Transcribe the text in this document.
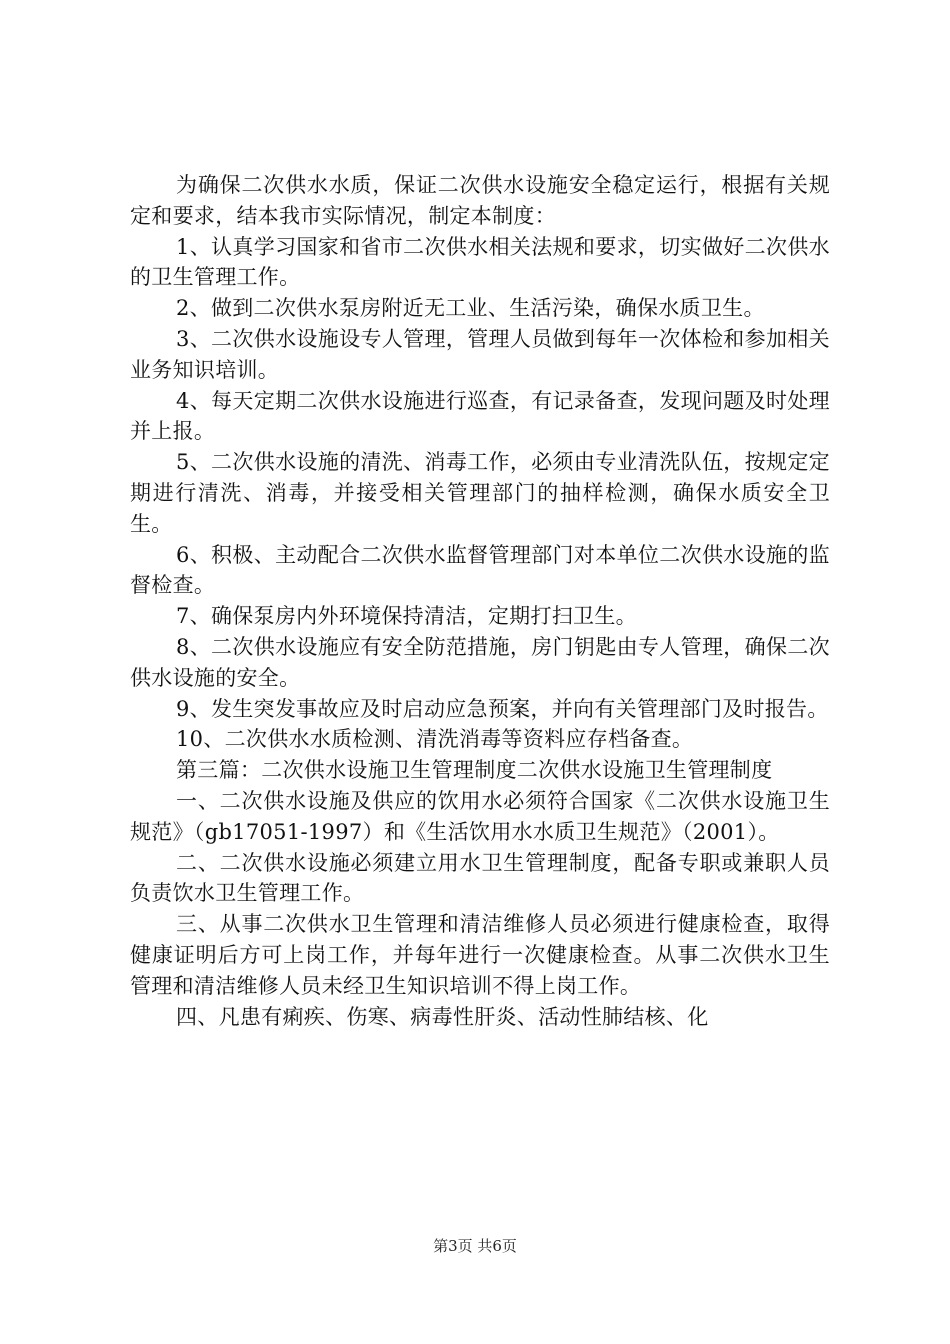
为确保二次供水水质，保证二次供水设施安全稳定运行，根据有关规定和要求，结本我市实际情况，制定本制度：

1、认真学习国家和省市二次供水相关法规和要求，切实做好二次供水的卫生管理工作。

2、做到二次供水泵房附近无工业、生活污染，确保水质卫生。

3、二次供水设施设专人管理，管理人员做到每年一次体检和参加相关业务知识培训。

4、每天定期二次供水设施进行巡查，有记录备查，发现问题及时处理并上报。

5、二次供水设施的清洗、消毒工作，必须由专业清洗队伍，按规定定期进行清洗、消毒，并接受相关管理部门的抽样检测，确保水质安全卫生。

6、积极、主动配合二次供水监督管理部门对本单位二次供水设施的监督检查。

7、确保泵房内外环境保持清洁，定期打扫卫生。

8、二次供水设施应有安全防范措施，房门钥匙由专人管理，确保二次供水设施的安全。

9、发生突发事故应及时启动应急预案，并向有关管理部门及时报告。

10、二次供水水质检测、清洗消毒等资料应存档备查。

第三篇：二次供水设施卫生管理制度二次供水设施卫生管理制度

一、二次供水设施及供应的饮用水必须符合国家《二次供水设施卫生规范》（gb17051-1997）和《生活饮用水水质卫生规范》（2001）。

二、二次供水设施必须建立用水卫生管理制度，配备专职或兼职人员负责饮水卫生管理工作。

三、从事二次供水卫生管理和清洁维修人员必须进行健康检查，取得健康证明后方可上岗工作，并每年进行一次健康检查。从事二次供水卫生管理和清洁维修人员未经卫生知识培训不得上岗工作。

四、凡患有痢疾、伤寒、病毒性肝炎、活动性肺结核、化

第3页 共6页
